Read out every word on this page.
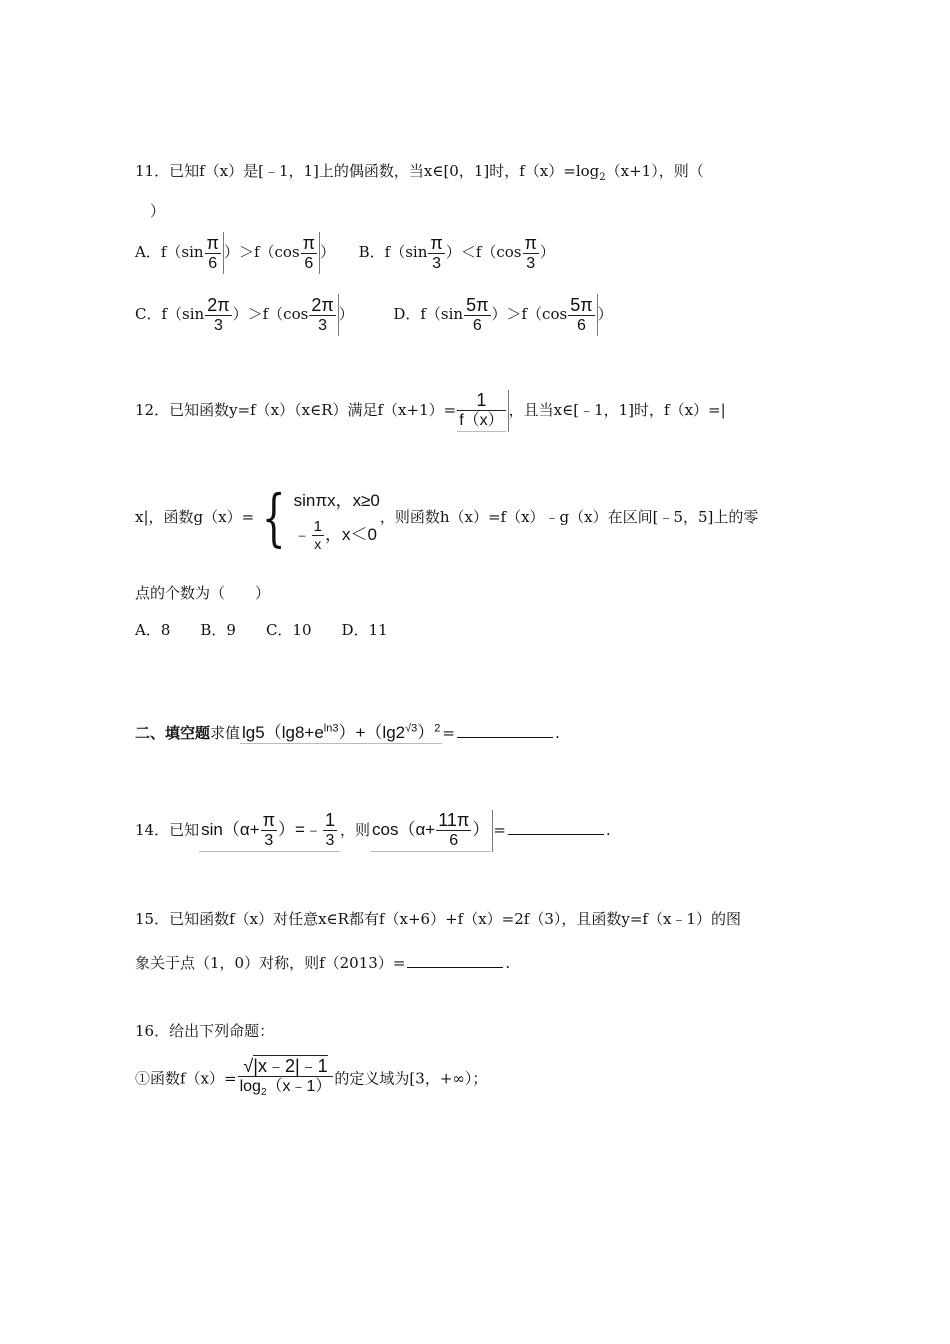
11．已知f（x）是[﹣1，1]上的偶函数，当x∈[0，1]时，$f(x)=\log_2(x+1)$，则（
）
A．$f(\sin \frac{\pi}{6} )>f(\cos \frac{\pi}{6}$ ） B．$f(\sin \frac{\pi}{3} )<f(\cos \frac{\pi}{3}$ ）
C．$f(\sin \frac{2\pi}{3} )>f(\cos \frac{2\pi}{3}$ ）	D．$f(\sin \frac{5\pi}{6} )>f(\cos \frac{5\pi}{6}$ ）
12．已知函数y=f（x）（x∈R）满足$f(x+1)= \frac{1}{f(x)}$ ，且当x∈[﹣1，1]时，f（x）=|
x|，函数g（x）= { sinπx，x≥0
﹣ $\frac{1}{x}$ ，x＜0
，则函数h（x）=f（x）﹣g（x）在区间[﹣5，5]上的零
点的个数为（　　）
A．8　　B．9　　C．10　　D．11
二、填空题求值 $\lg 5(\lg 8+e^{ln3})+(\lg 2^{√3})^2$ =	.
14．已知 $\sin(\alpha+ \frac{\pi}{3}$ ）=﹣ $\frac{1}{3}$ ，则 $\cos(\alpha+ \frac{11\pi}{6}$ ） =	.
15．已知函数f（x）对任意x∈R都有f（x+6）+f（x）=2f（3），且函数y=f（x﹣1）的图
象关于点（1，0）对称，则f（2013）=	.
16．给出下列命题：
①函数$f(x)= \frac{√|x﹣2|﹣1}{\log_2(x﹣1)}$ 的定义域为[3，+∞）；
